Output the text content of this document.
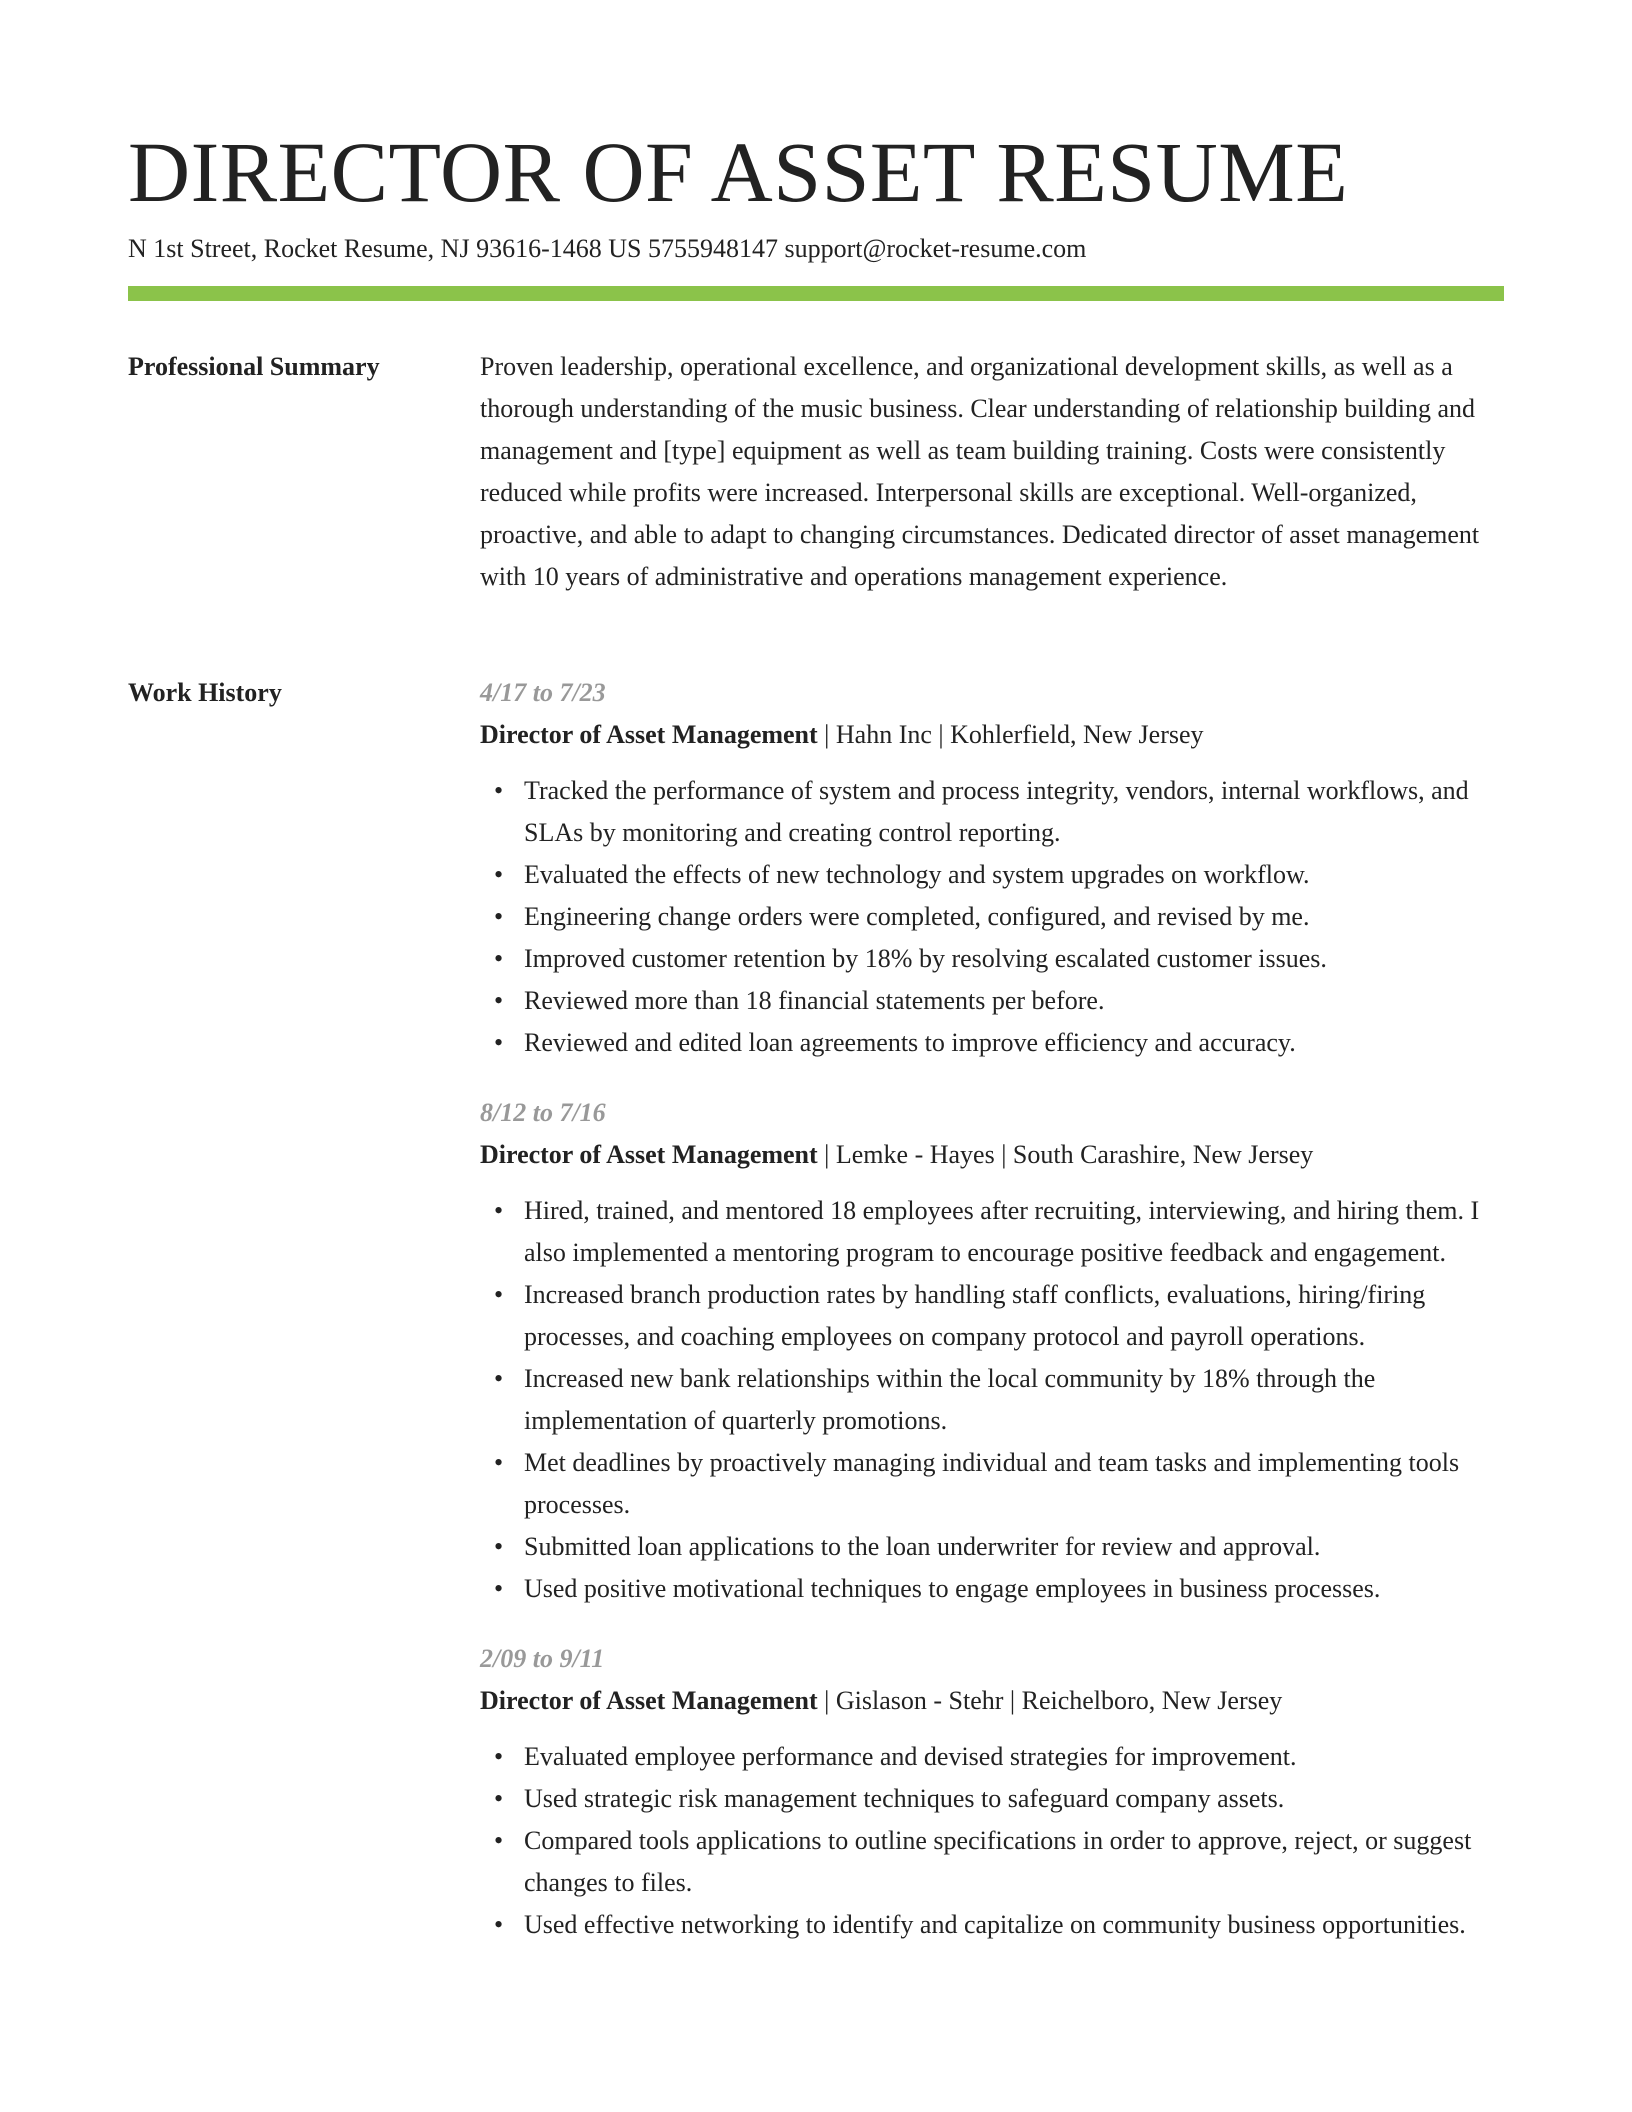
DIRECTOR OF ASSET RESUME
N 1st Street, Rocket Resume, NJ 93616-1468 US 5755948147 support@rocket-resume.com
Professional Summary	Proven leadership, operational excellence, and organizational development skills, as well as a thorough understanding of the music business. Clear understanding of relationship building and management and [type] equipment as well as team building training. Costs were consistently reduced while profits were increased. Interpersonal skills are exceptional. Well-organized, proactive, and able to adapt to changing circumstances. Dedicated director of asset management with 10 years of administrative and operations management experience.

Work History	4/17 to 7/23
Director of Asset Management | Hahn Inc | Kohlerfield, New Jersey
• Tracked the performance of system and process integrity, vendors, internal workflows, and SLAs by monitoring and creating control reporting.
• Evaluated the effects of new technology and system upgrades on workflow.
• Engineering change orders were completed, configured, and revised by me.
• Improved customer retention by 18% by resolving escalated customer issues.
• Reviewed more than 18 financial statements per before.
• Reviewed and edited loan agreements to improve efficiency and accuracy.
8/12 to 7/16
Director of Asset Management | Lemke - Hayes | South Carashire, New Jersey
• Hired, trained, and mentored 18 employees after recruiting, interviewing, and hiring them. I also implemented a mentoring program to encourage positive feedback and engagement.
• Increased branch production rates by handling staff conflicts, evaluations, hiring/firing processes, and coaching employees on company protocol and payroll operations.
• Increased new bank relationships within the local community by 18% through the implementation of quarterly promotions.
• Met deadlines by proactively managing individual and team tasks and implementing tools processes.
• Submitted loan applications to the loan underwriter for review and approval.
• Used positive motivational techniques to engage employees in business processes.
2/09 to 9/11
Director of Asset Management | Gislason - Stehr | Reichelboro, New Jersey
• Evaluated employee performance and devised strategies for improvement.
• Used strategic risk management techniques to safeguard company assets.
• Compared tools applications to outline specifications in order to approve, reject, or suggest changes to files.
• Used effective networking to identify and capitalize on community business opportunities.
